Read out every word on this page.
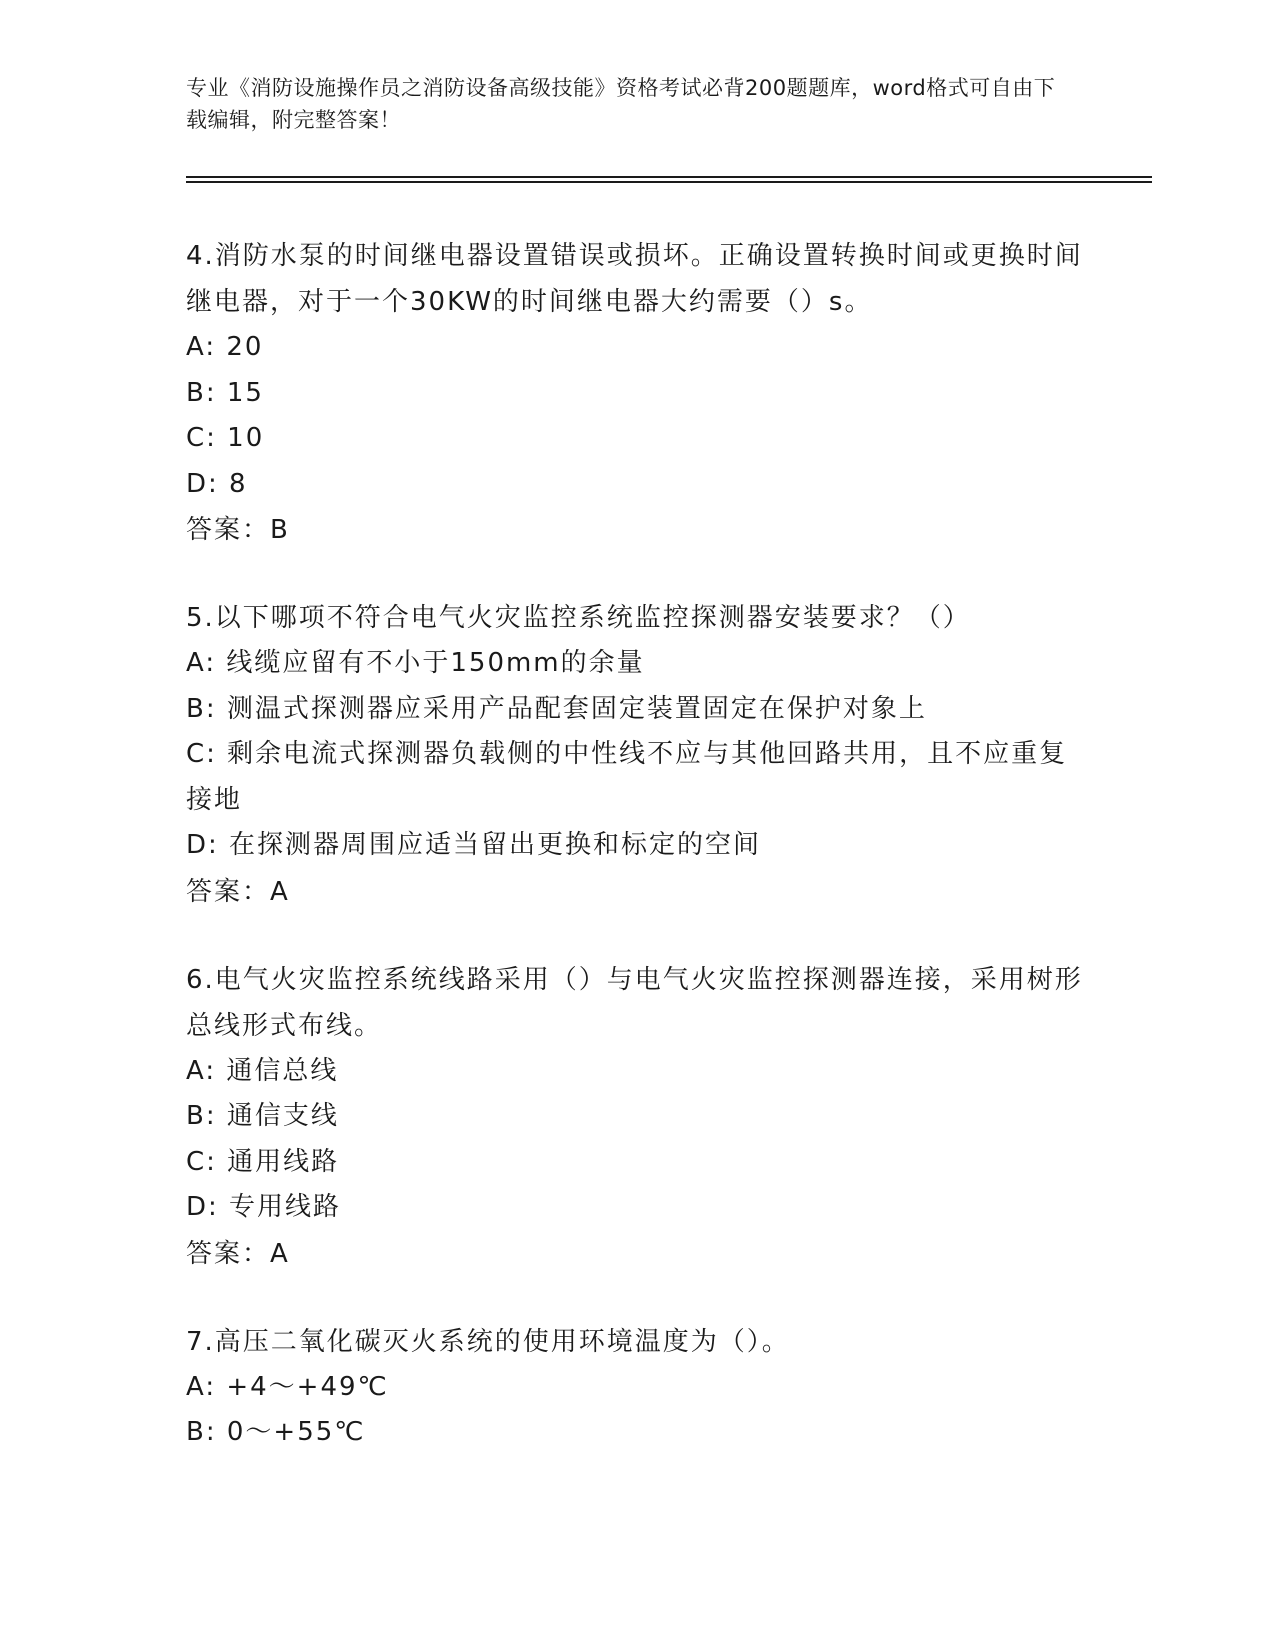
专业《消防设施操作员之消防设备高级技能》资格考试必背200题题库，word格式可自由下载编辑，附完整答案！
4.消防水泵的时间继电器设置错误或损坏。正确设置转换时间或更换时间继电器，对于一个30KW的时间继电器大约需要（）s。
A: 20
B: 15
C: 10
D: 8
答案：B
5.以下哪项不符合电气火灾监控系统监控探测器安装要求？（）
A: 线缆应留有不小于150mm的余量
B: 测温式探测器应采用产品配套固定装置固定在保护对象上
C: 剩余电流式探测器负载侧的中性线不应与其他回路共用，且不应重复接地
D: 在探测器周围应适当留出更换和标定的空间
答案：A
6.电气火灾监控系统线路采用（）与电气火灾监控探测器连接，采用树形总线形式布线。
A: 通信总线
B: 通信支线
C: 通用线路
D: 专用线路
答案：A
7.高压二氧化碳灭火系统的使用环境温度为（）。
A: +4～+49℃
B: 0～+55℃
